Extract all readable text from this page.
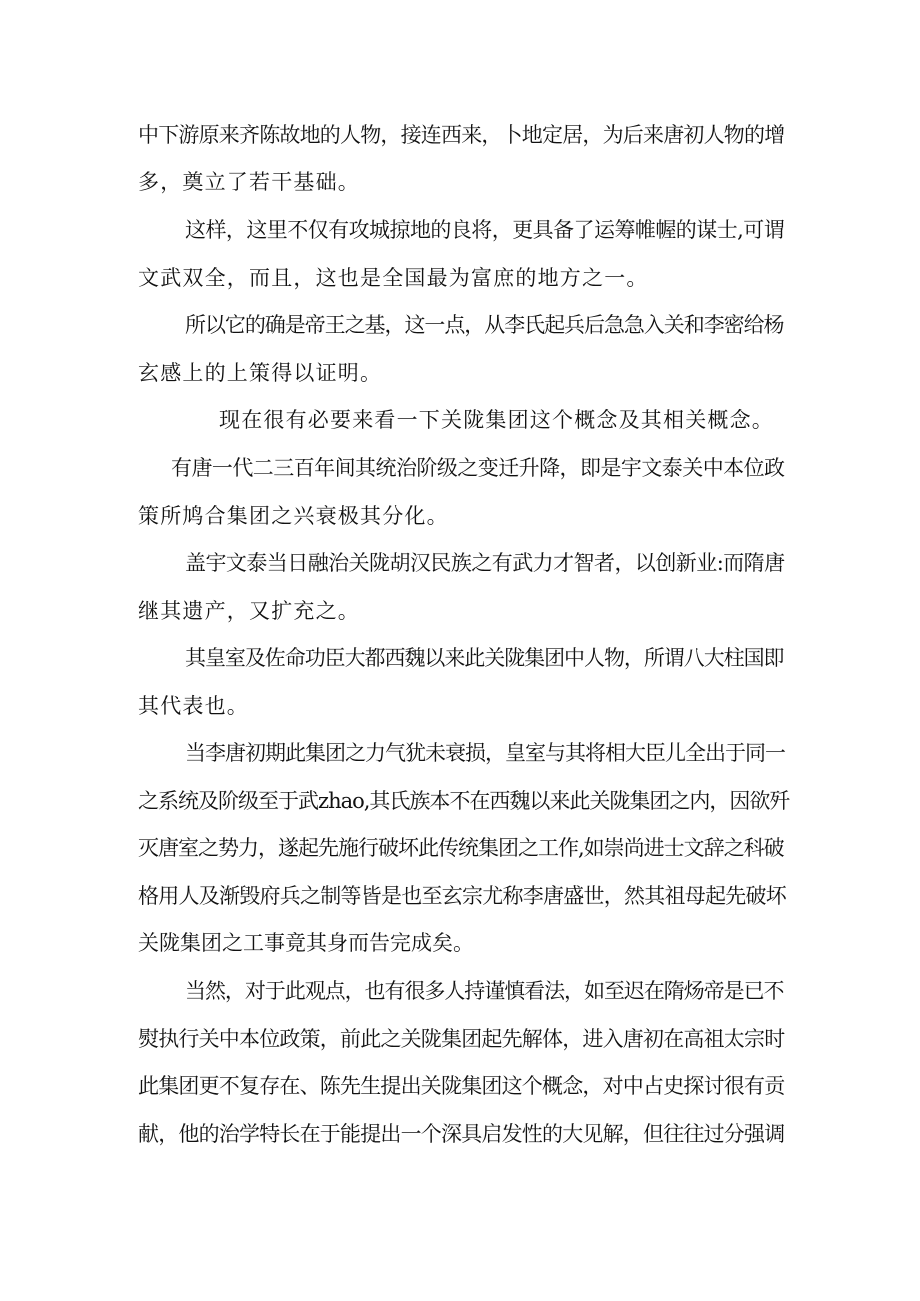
中下游原来齐陈故地的人物，接连西来，卜地定居，为后来唐初人物的增
多，奠立了若干基础。
这样，这里不仅有攻城掠地的良将，更具备了运筹帷幄的谋士,可谓
文武双全，而且，这也是全国最为富庶的地方之一。
所以它的确是帝王之基，这一点，从李氏起兵后急急入关和李密给杨
玄感上的上策得以证明。
现在很有必要来看一下关陇集团这个概念及其相关概念。
有唐一代二三百年间其统治阶级之变迁升降，即是宇文泰关中本位政
策所鸠合集团之兴衰极其分化。
盖宇文泰当日融治关陇胡汉民族之有武力才智者，以创新业:而隋唐
继其遗产，又扩充之。
其皇室及佐命功臣大都西魏以来此关陇集团中人物，所谓八大柱国即
其代表也。
当李唐初期此集团之力气犹未衰损，皇室与其将相大臣儿全出于同一
之系统及阶级至于武zhao,其氏族本不在西魏以来此关陇集团之内，因欲歼
灭唐室之势力，遂起先施行破坏此传统集团之工作,如崇尚进士文辞之科破
格用人及渐毁府兵之制等皆是也至玄宗尤称李唐盛世，然其祖母起先破坏
关陇集团之工事竟其身而告完成矣。
当然，对于此观点，也有很多人持谨慎看法，如至迟在隋炀帝是已不
熨执行关中本位政策，前此之关陇集团起先解体，进入唐初在高祖太宗时
此集团更不复存在、陈先生提出关陇集团这个概念，对中占史探讨很有贡
献，他的治学特长在于能提出一个深具启发性的大见解，但往往过分强调
